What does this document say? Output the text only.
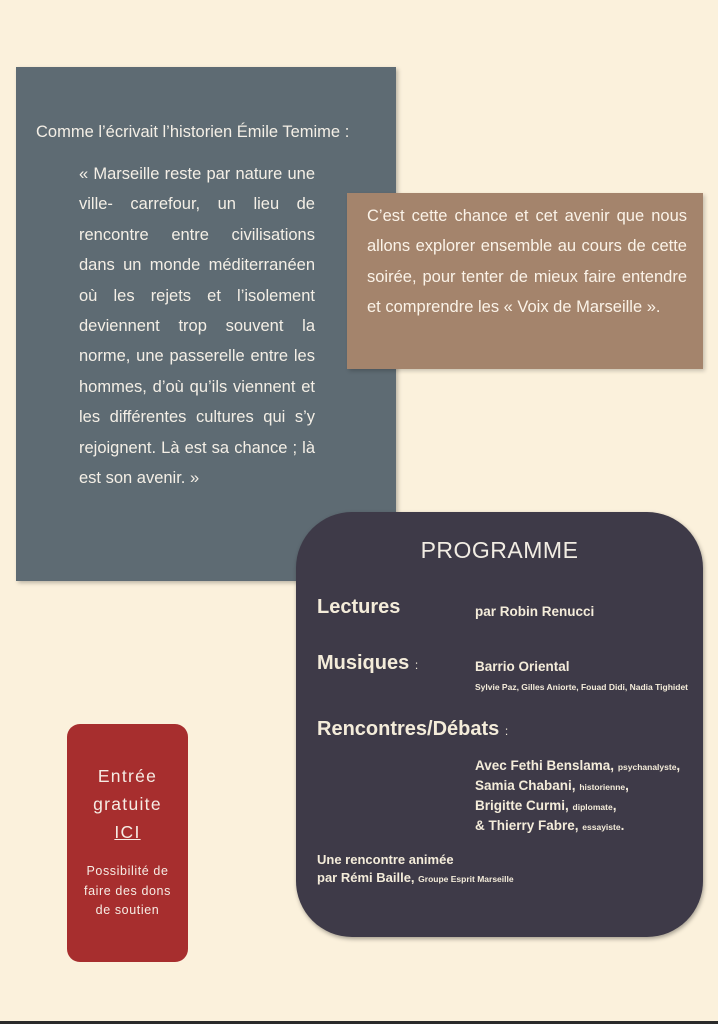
Comme l’écrivait l’historien Émile Temime :
« Marseille reste par nature une ville- carrefour, un lieu de rencontre entre civilisations dans un monde méditerranéen où les rejets et l’isolement deviennent trop souvent la norme, une passerelle entre les hommes, d’où qu’ils viennent et les différentes cultures qui s’y rejoignent. Là est sa chance ; là est son avenir. »
C’est cette chance et cet avenir que nous allons explorer ensemble au cours de cette soirée, pour tenter de mieux faire entendre et comprendre les « Voix de Marseille ».
PROGRAMME
Lectures	par Robin Renucci
Musiques :	Barrio Oriental
Sylvie Paz, Gilles Aniorte, Fouad Didi, Nadia Tighidet
Rencontres/Débats :
Avec Fethi Benslama, psychanalyste,
Samia Chabani, historienne,
Brigitte Curmi, diplomate,
& Thierry Fabre, essayiste.
Une rencontre animée
par Rémi Baille, Groupe Esprit Marseille
Entrée
gratuite
ICI
Possibilité de
faire des dons
de soutien
